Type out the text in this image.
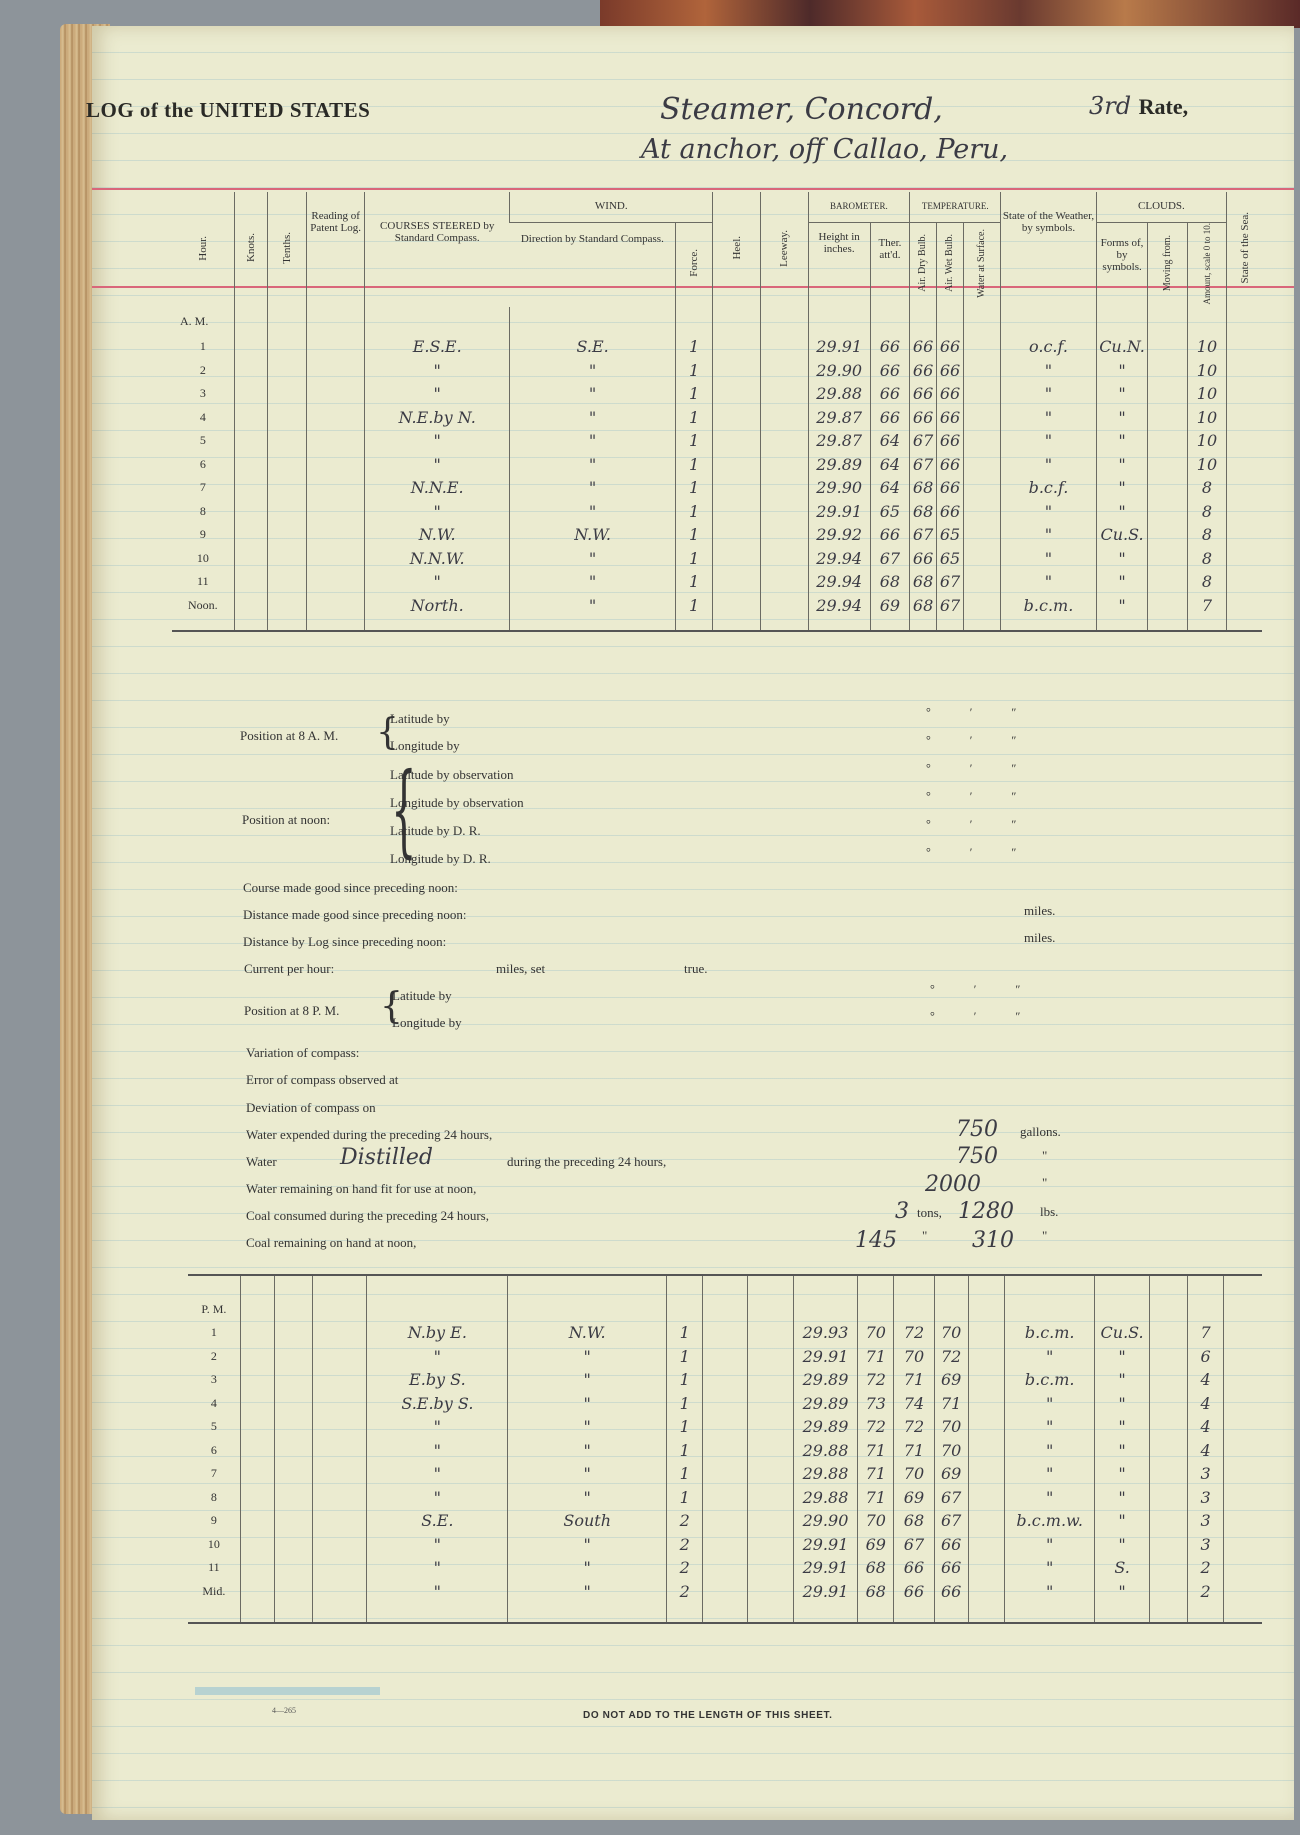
LOG of the UNITED STATES	Steamer, Concord,
At anchor, off Callao, Peru,
3rd Rate,
Hour.	Knots.	Tenths.	Reading of Patent Log.	COURSES STEERED by Standard Compass.	WIND.		Heel.	Leeway.	BAROMETER.		TEMPERATURE.			State of the Weather, by symbols.	CLOUDS.			State of the Sea.
					Direction by Standard Compass.	Force.			Height in inches.	Ther. att'd.	Air. Dry Bulb.	Air. Wet Bulb.	Water at Surface.		Forms of, by symbols.	Moving from.	Amount, scale 0 to 10.	
A. M.																		
1				E.S.E.	S.E.	1			29.91	66	66	66		o.c.f.	Cu.N.		10	
2				"	"	1			29.90	66	66	66		"	"		10	
3				"	"	1			29.88	66	66	66		"	"		10	
4				N.E.by N.	"	1			29.87	66	66	66		"	"		10	
5				"	"	1			29.87	64	67	66		"	"		10	
6				"	"	1			29.89	64	67	66		"	"		10	
7				N.N.E.	"	1			29.90	64	68	66		b.c.f.	"		8	
8				"	"	1			29.91	65	68	66		"	"		8	
9				N.W.	N.W.	1			29.92	66	67	65		"	Cu.S.		8	
10				N.N.W.	"	1			29.94	67	66	65		"	"		8	
11				"	"	1			29.94	68	68	67		"	"		8	
Noon.				North.	"	1			29.94	69	68	67		b.c.m.	"		7	

Position at 8 A. M. {
Latitude by
Longitude by
° ′ ″
° ′ ″
Position at noon: {
Latitude by observation
Longitude by observation
Latitude by D. R.
Longitude by D. R.
° ′ ″
° ′ ″
° ′ ″
° ′ ″
Course made good since preceding noon:
Distance made good since preceding noon:	miles.
Distance by Log since preceding noon:	miles.
Current per hour:	miles, set	true.
Position at 8 P. M. {
Latitude by
Longitude by
° ′ ″
° ′ ″
Variation of compass:
Error of compass observed at
Deviation of compass on
Water expended during the preceding 24 hours,	750 gallons.
Water	Distilled	during the preceding 24 hours,	750	"
Water remaining on hand fit for use at noon,	2000	"
Coal consumed during the preceding 24 hours,	3 tons, 1280 lbs.
Coal remaining on hand at noon,	145 " 310 "
P. M.																		
1				N.by E.	N.W.	1			29.93	70	72	70		b.c.m.	Cu.S.		7	
2				"	"	1			29.91	71	70	72		"	"		6	
3				E.by S.	"	1			29.89	72	71	69		b.c.m.	"		4	
4				S.E.by S.	"	1			29.89	73	74	71		"	"		4	
5				"	"	1			29.89	72	72	70		"	"		4	
6				"	"	1			29.88	71	71	70		"	"		4	
7				"	"	1			29.88	71	70	69		"	"		3	
8				"	"	1			29.88	71	69	67		"	"		3	
9				S.E.	South	2			29.90	70	68	67		b.c.m.w.	"		3	
10				"	"	2			29.91	69	67	66		"	"		3	
11				"	"	2			29.91	68	66	66		"	S.		2	
Mid.				"	"	2			29.91	68	66	66		"	"		2	

4—265	DO NOT ADD TO THE LENGTH OF THIS SHEET.
